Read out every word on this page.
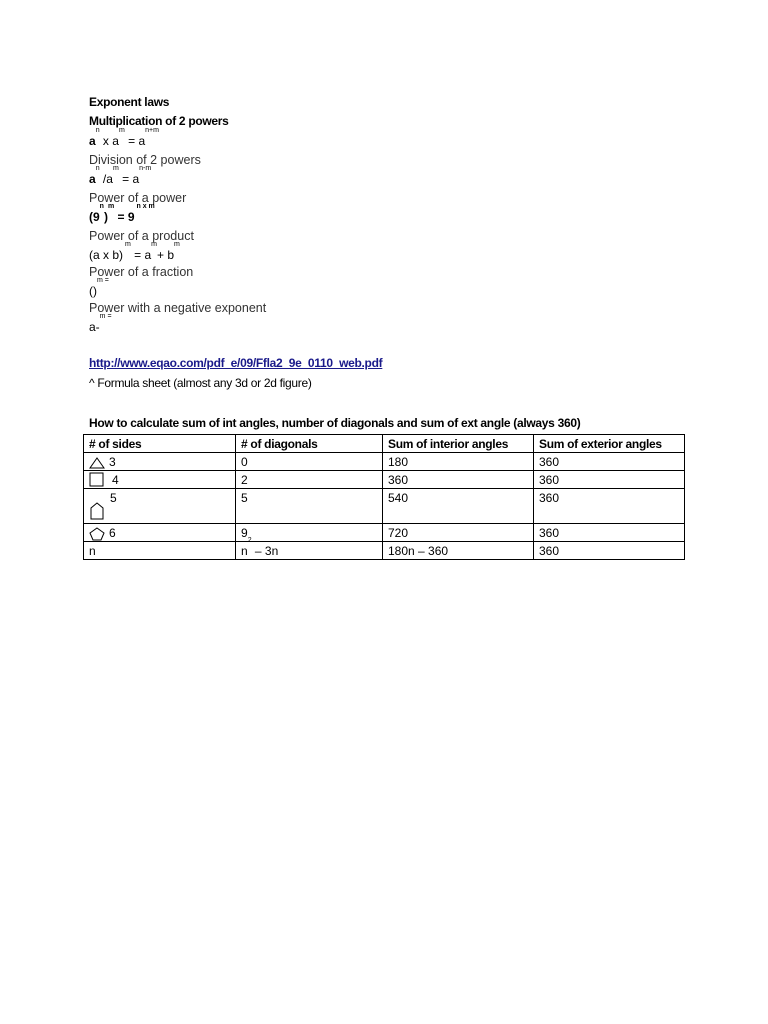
Exponent laws
Multiplication of 2 powers
$a^n$ x $a^m = a^{n+m}$
Division of 2 powers
$a^n$ $/a^m = a^{n-m}$
Power of a power
$(9^n)^m = 9$ $^{n x m}$
Power of a product
(a x b) $^m = a^m+ b^m$
Power of a fraction
()$^{m =}$
Power with a negative exponent
a-$^{m =}$
http://www.eqao.com/pdf_e/09/Ffla2_9e_0110_web.pdf
^ Formula sheet (almost any 3d or 2d figure)
How to calculate sum of int angles, number of diagonals and sum of ext angle (always 360)
# of sides	# of diagonals	Sum of interior angles	Sum of exterior angles
3	0	180	360
4	2	360	360

5	5	540	360
6	9	720	360
n	$n^2 - 3n$	180n – 360	360
